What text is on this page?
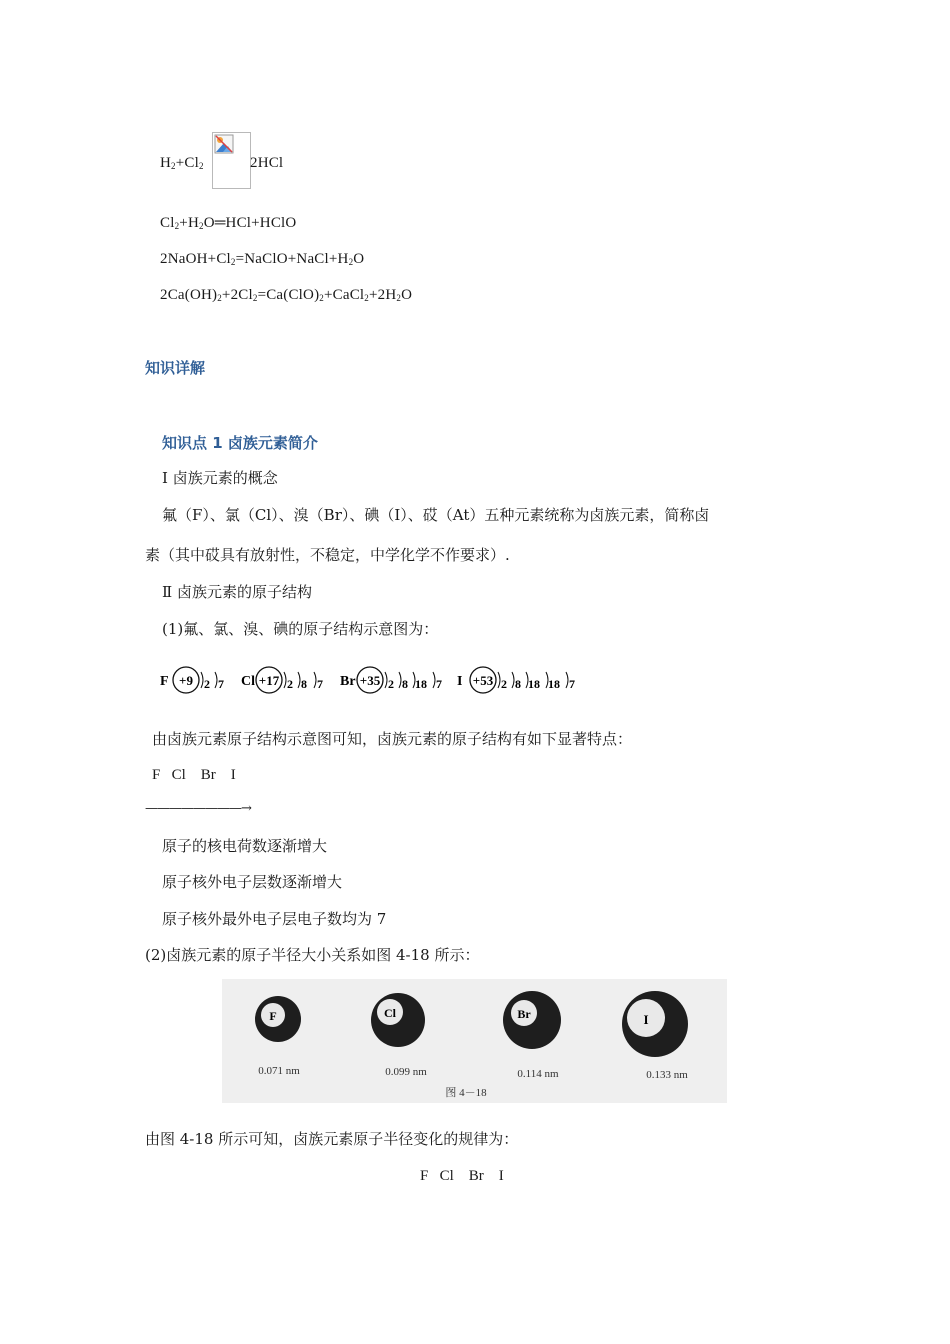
$H_2+Cl_2$	2HCl
$Cl_2+H_2O═HCl+HClO$
$2NaOH+Cl_2=NaClO+NaCl+H_2O$
$2Ca(OH)_2+2Cl_2=Ca(ClO)_2+CaCl_2+2H_2O$
知识详解
知识点 1 卤族元素简介
Ⅰ 卤族元素的概念
氟（F）、氯（Cl）、溴（Br）、碘（I）、砹（At）五种元素统称为卤族元素，简称卤
素（其中砹具有放射性，不稳定，中学化学不作要求）.
Ⅱ 卤族元素的原子结构
(1)氟、氯、溴、碘的原子结构示意图为：
F +9 2 7 Cl +17 2 8 7 Br +35 2 8 18 7 I +53 2 8 18 18 7
由卤族元素原子结构示意图可知，卤族元素的原子结构有如下显著特点：
F   Cl    Br    I
————————→
原子的核电荷数逐渐增大
原子核外电子层数逐渐增大
原子核外最外电子层电子数均为 7
(2)卤族元素的原子半径大小关系如图 4-18 所示：
F
0.071 nm
Cl
0.099 nm
Br
0.114 nm
I
0.133 nm
图 4－18
由图 4-18 所示可知，卤族元素原子半径变化的规律为：
F   Cl    Br    I
